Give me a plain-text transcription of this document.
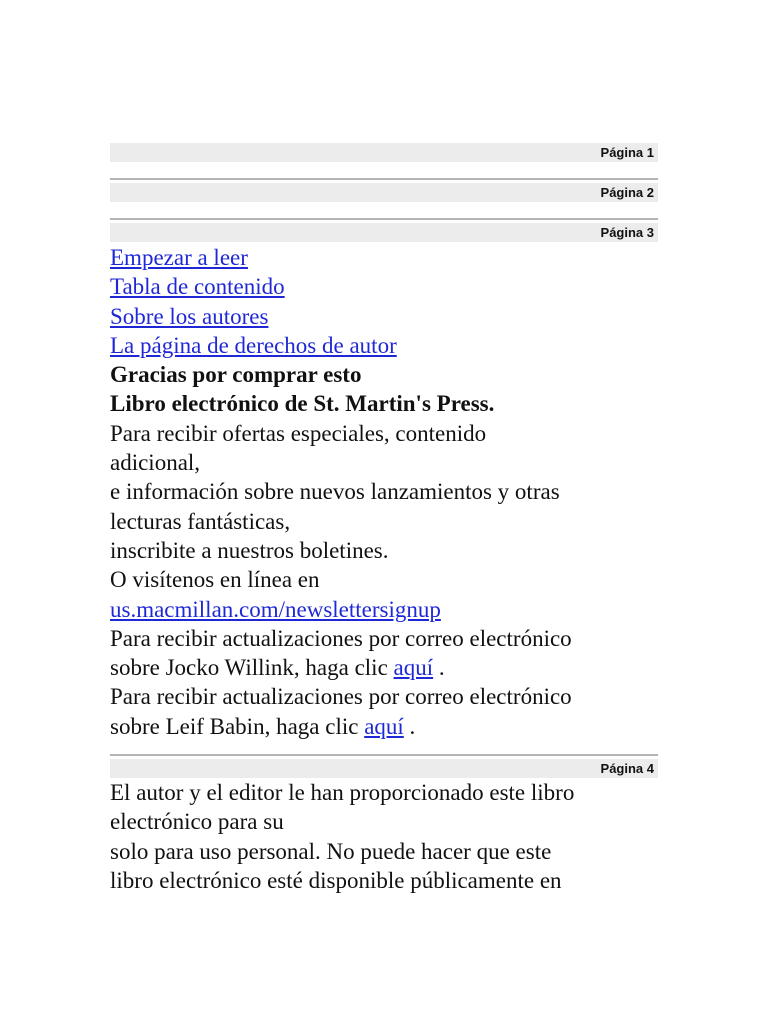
Página 1
Página 2
Página 3
Empezar a leer
Tabla de contenido
Sobre los autores
La página de derechos de autor
Gracias por comprar esto
Libro electrónico de St. Martin's Press.
Para recibir ofertas especiales, contenido
adicional,
e información sobre nuevos lanzamientos y otras
lecturas fantásticas,
inscribite a nuestros boletines.
O visítenos en línea en
us.macmillan.com/newslettersignup
Para recibir actualizaciones por correo electrónico
sobre Jocko Willink, haga clic aquí .
Para recibir actualizaciones por correo electrónico
sobre Leif Babin, haga clic aquí .
Página 4
El autor y el editor le han proporcionado este libro
electrónico para su
solo para uso personal. No puede hacer que este
libro electrónico esté disponible públicamente en
